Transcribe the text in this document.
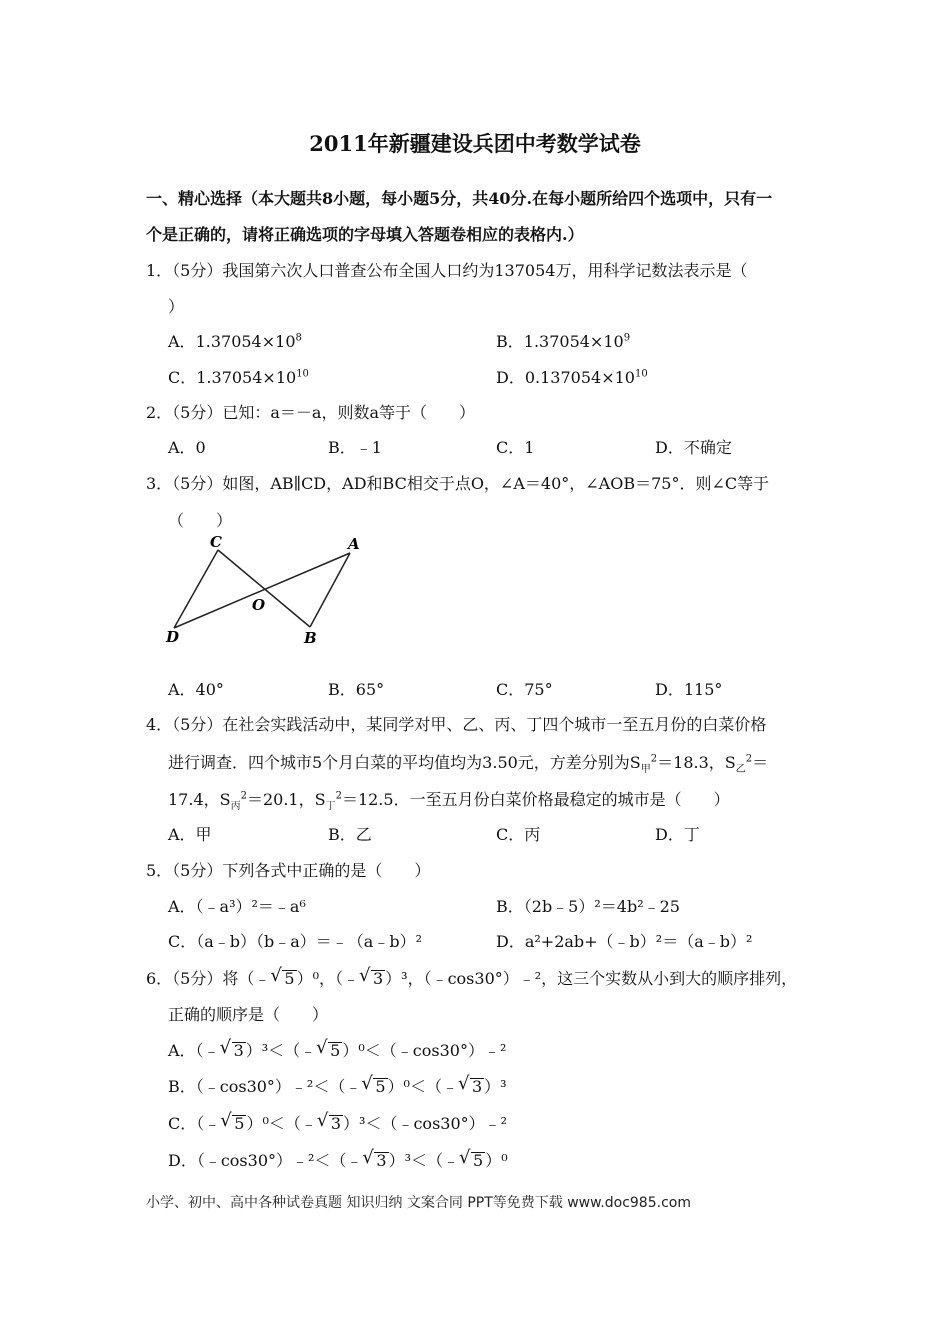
2011年新疆建设兵团中考数学试卷
一、精心选择（本大题共8小题，每小题5分，共40分.在每小题所给四个选项中，只有一
个是正确的，请将正确选项的字母填入答题卷相应的表格内.）
1．（5分）我国第六次人口普查公布全国人口约为137054万，用科学记数法表示是（
）
A．$1.37054\times 10^8$	B．$1.37054\times 10^9$
C．$1.37054\times 10^{10}$	D．$0.137054\times 10^{10}$
2．（5分）已知：a＝－a，则数a等于（　　）
A．0	B．﹣1	C．1	D．不确定
3．（5分）如图，AB∥CD，AD和BC相交于点O，∠A＝40°，∠AOB＝75°．则∠C等于
（　　）
C	A
O
D	B
A．40°	B．65°	C．75°	D．115°
4．（5分）在社会实践活动中，某同学对甲、乙、丙、丁四个城市一至五月份的白菜价格
进行调查．四个城市5个月白菜的平均值均为3.50元，方差分别为$S_甲^2=18.3$，$S_乙^2=$
17.4，$S_丙^2=20.1$，$S_丁^2=12.5$．一至五月份白菜价格最稳定的城市是（　　）
A．甲	B．乙	C．丙	D．丁
5．（5分）下列各式中正确的是（　　）
A．（﹣a³）²＝﹣a⁶	B．（2b﹣5）²＝4b²﹣25
C．（a﹣b）（b﹣a）＝﹣（a﹣b）²	D．a²+2ab+（﹣b）²＝（a﹣b）²
6．（5分）将（﹣ √ 5 ）⁰，（﹣ √ 3 ）³，（﹣cos30°）﹣²，这三个实数从小到大的顺序排列，
正确的顺序是（　　）
A．（﹣ √ 3 ）³＜（﹣ √ 5 ）⁰＜（﹣cos30°）﹣²
B．（﹣cos30°）﹣²＜（﹣ √ 5 ）⁰＜（﹣ √ 3 ）³
C．（﹣ √ 5 ）⁰＜（﹣ √ 3 ）³＜（﹣cos30°）﹣²
D．（﹣cos30°）﹣²＜（﹣ √ 3 ）³＜（﹣ √ 5 ）⁰
小学、初中、高中各种试卷真题 知识归纳 文案合同 PPT等免费下载 www.doc985.com
